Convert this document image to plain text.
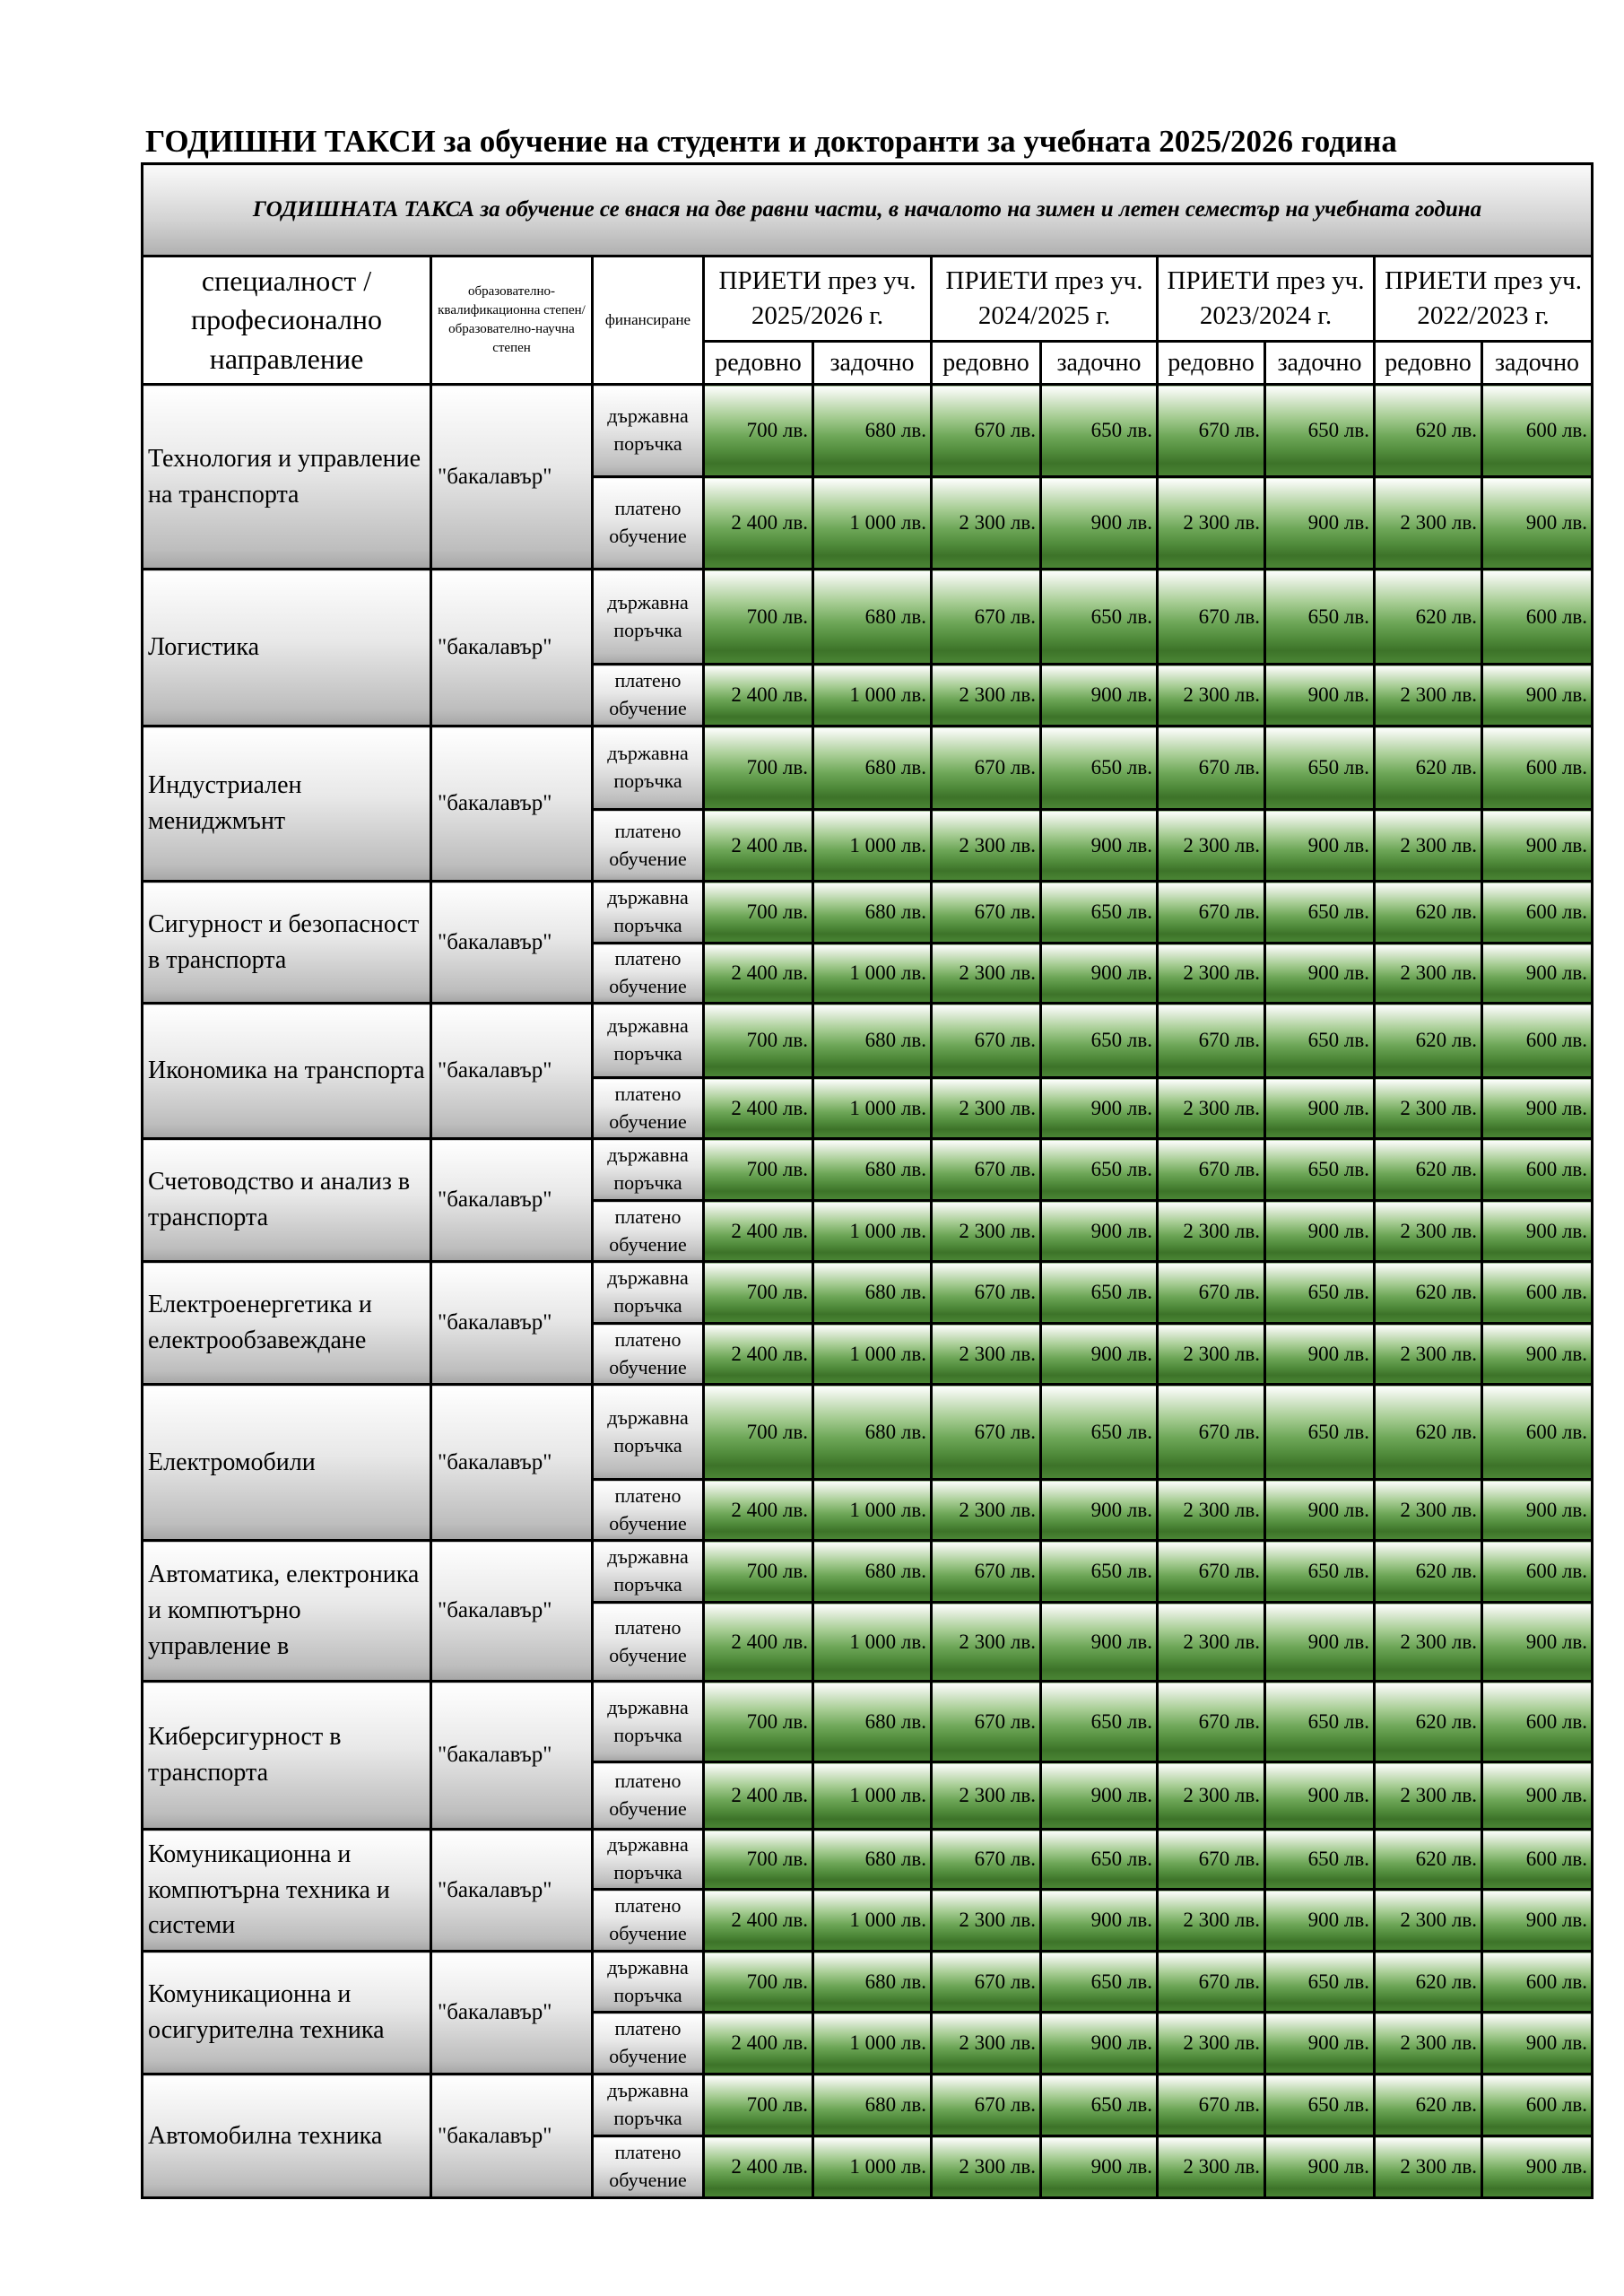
ГОДИШНИ ТАКСИ за обучение на студенти и докторанти за учебната 2025/2026 година
ГОДИШНАТА ТАКСА за обучение се внася на две равни части, в началото на зимен и летен семестър на учебната година										
специалност / професионално направление	образователно-квалификационна степен/образователно-научна степен	финансиране	ПРИЕТИ през уч. 2025/2026 г.		ПРИЕТИ през уч. 2024/2025 г.		ПРИЕТИ през уч. 2023/2024 г.		ПРИЕТИ през уч. 2022/2023 г.	
			редовно	задочно	редовно	задочно	редовно	задочно	редовно	задочно
Технология и управление на транспорта	"бакалавър"	държавна поръчка	700 лв.	680 лв.	670 лв.	650 лв.	670 лв.	650 лв.	620 лв.	600 лв.
		платено обучение	2 400 лв.	1 000 лв.	2 300 лв.	900 лв.	2 300 лв.	900 лв.	2 300 лв.	900 лв.
Логистика	"бакалавър"	държавна поръчка	700 лв.	680 лв.	670 лв.	650 лв.	670 лв.	650 лв.	620 лв.	600 лв.
		платено обучение	2 400 лв.	1 000 лв.	2 300 лв.	900 лв.	2 300 лв.	900 лв.	2 300 лв.	900 лв.
Индустриален мениджмънт	"бакалавър"	държавна поръчка	700 лв.	680 лв.	670 лв.	650 лв.	670 лв.	650 лв.	620 лв.	600 лв.
		платено обучение	2 400 лв.	1 000 лв.	2 300 лв.	900 лв.	2 300 лв.	900 лв.	2 300 лв.	900 лв.
Сигурност и безопасност в транспорта	"бакалавър"	държавна поръчка	700 лв.	680 лв.	670 лв.	650 лв.	670 лв.	650 лв.	620 лв.	600 лв.
		платено обучение	2 400 лв.	1 000 лв.	2 300 лв.	900 лв.	2 300 лв.	900 лв.	2 300 лв.	900 лв.
Икономика на транспорта	"бакалавър"	държавна поръчка	700 лв.	680 лв.	670 лв.	650 лв.	670 лв.	650 лв.	620 лв.	600 лв.
		платено обучение	2 400 лв.	1 000 лв.	2 300 лв.	900 лв.	2 300 лв.	900 лв.	2 300 лв.	900 лв.
Счетоводство и анализ в транспорта	"бакалавър"	държавна поръчка	700 лв.	680 лв.	670 лв.	650 лв.	670 лв.	650 лв.	620 лв.	600 лв.
		платено обучение	2 400 лв.	1 000 лв.	2 300 лв.	900 лв.	2 300 лв.	900 лв.	2 300 лв.	900 лв.
Електроенергетика и електрообзавеждане	"бакалавър"	държавна поръчка	700 лв.	680 лв.	670 лв.	650 лв.	670 лв.	650 лв.	620 лв.	600 лв.
		платено обучение	2 400 лв.	1 000 лв.	2 300 лв.	900 лв.	2 300 лв.	900 лв.	2 300 лв.	900 лв.
Електромобили	"бакалавър"	държавна поръчка	700 лв.	680 лв.	670 лв.	650 лв.	670 лв.	650 лв.	620 лв.	600 лв.
		платено обучение	2 400 лв.	1 000 лв.	2 300 лв.	900 лв.	2 300 лв.	900 лв.	2 300 лв.	900 лв.
Автоматика, електроника и компютърно управление в	"бакалавър"	държавна поръчка	700 лв.	680 лв.	670 лв.	650 лв.	670 лв.	650 лв.	620 лв.	600 лв.
		платено обучение	2 400 лв.	1 000 лв.	2 300 лв.	900 лв.	2 300 лв.	900 лв.	2 300 лв.	900 лв.
Киберсигурност в транспорта	"бакалавър"	държавна поръчка	700 лв.	680 лв.	670 лв.	650 лв.	670 лв.	650 лв.	620 лв.	600 лв.
		платено обучение	2 400 лв.	1 000 лв.	2 300 лв.	900 лв.	2 300 лв.	900 лв.	2 300 лв.	900 лв.
Комуникационна и компютърна техника и системи	"бакалавър"	държавна поръчка	700 лв.	680 лв.	670 лв.	650 лв.	670 лв.	650 лв.	620 лв.	600 лв.
		платено обучение	2 400 лв.	1 000 лв.	2 300 лв.	900 лв.	2 300 лв.	900 лв.	2 300 лв.	900 лв.
Комуникационна и осигурителна техника	"бакалавър"	държавна поръчка	700 лв.	680 лв.	670 лв.	650 лв.	670 лв.	650 лв.	620 лв.	600 лв.
		платено обучение	2 400 лв.	1 000 лв.	2 300 лв.	900 лв.	2 300 лв.	900 лв.	2 300 лв.	900 лв.
Автомобилна техника	"бакалавър"	държавна поръчка	700 лв.	680 лв.	670 лв.	650 лв.	670 лв.	650 лв.	620 лв.	600 лв.
		платено обучение	2 400 лв.	1 000 лв.	2 300 лв.	900 лв.	2 300 лв.	900 лв.	2 300 лв.	900 лв.
